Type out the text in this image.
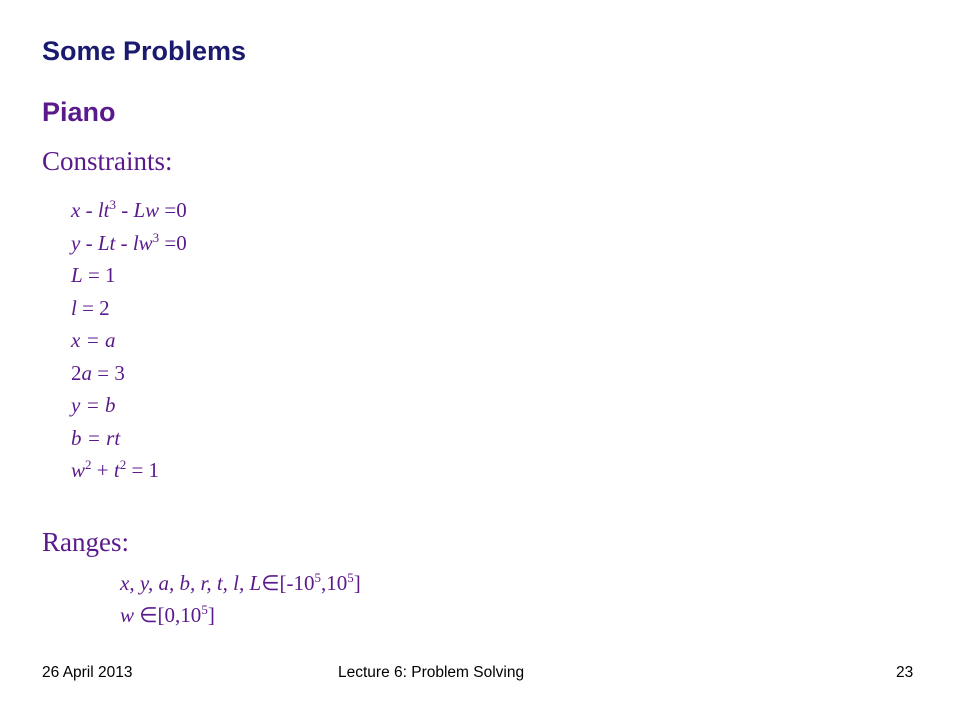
Some Problems
Piano
Constraints:
$x - lt^3 - Lw =0$
$y - Lt - lw^3 =0$
L = 1
l = 2
x = a
2a = 3
y = b
b = rt
$w^2 + t^2 = 1$
Ranges:
x, y, a, b, r, t, l, $L\in[-10^5,10^5]$
w ∈[0,10$^5$]
26 April 2013	Lecture 6: Problem Solving	23
